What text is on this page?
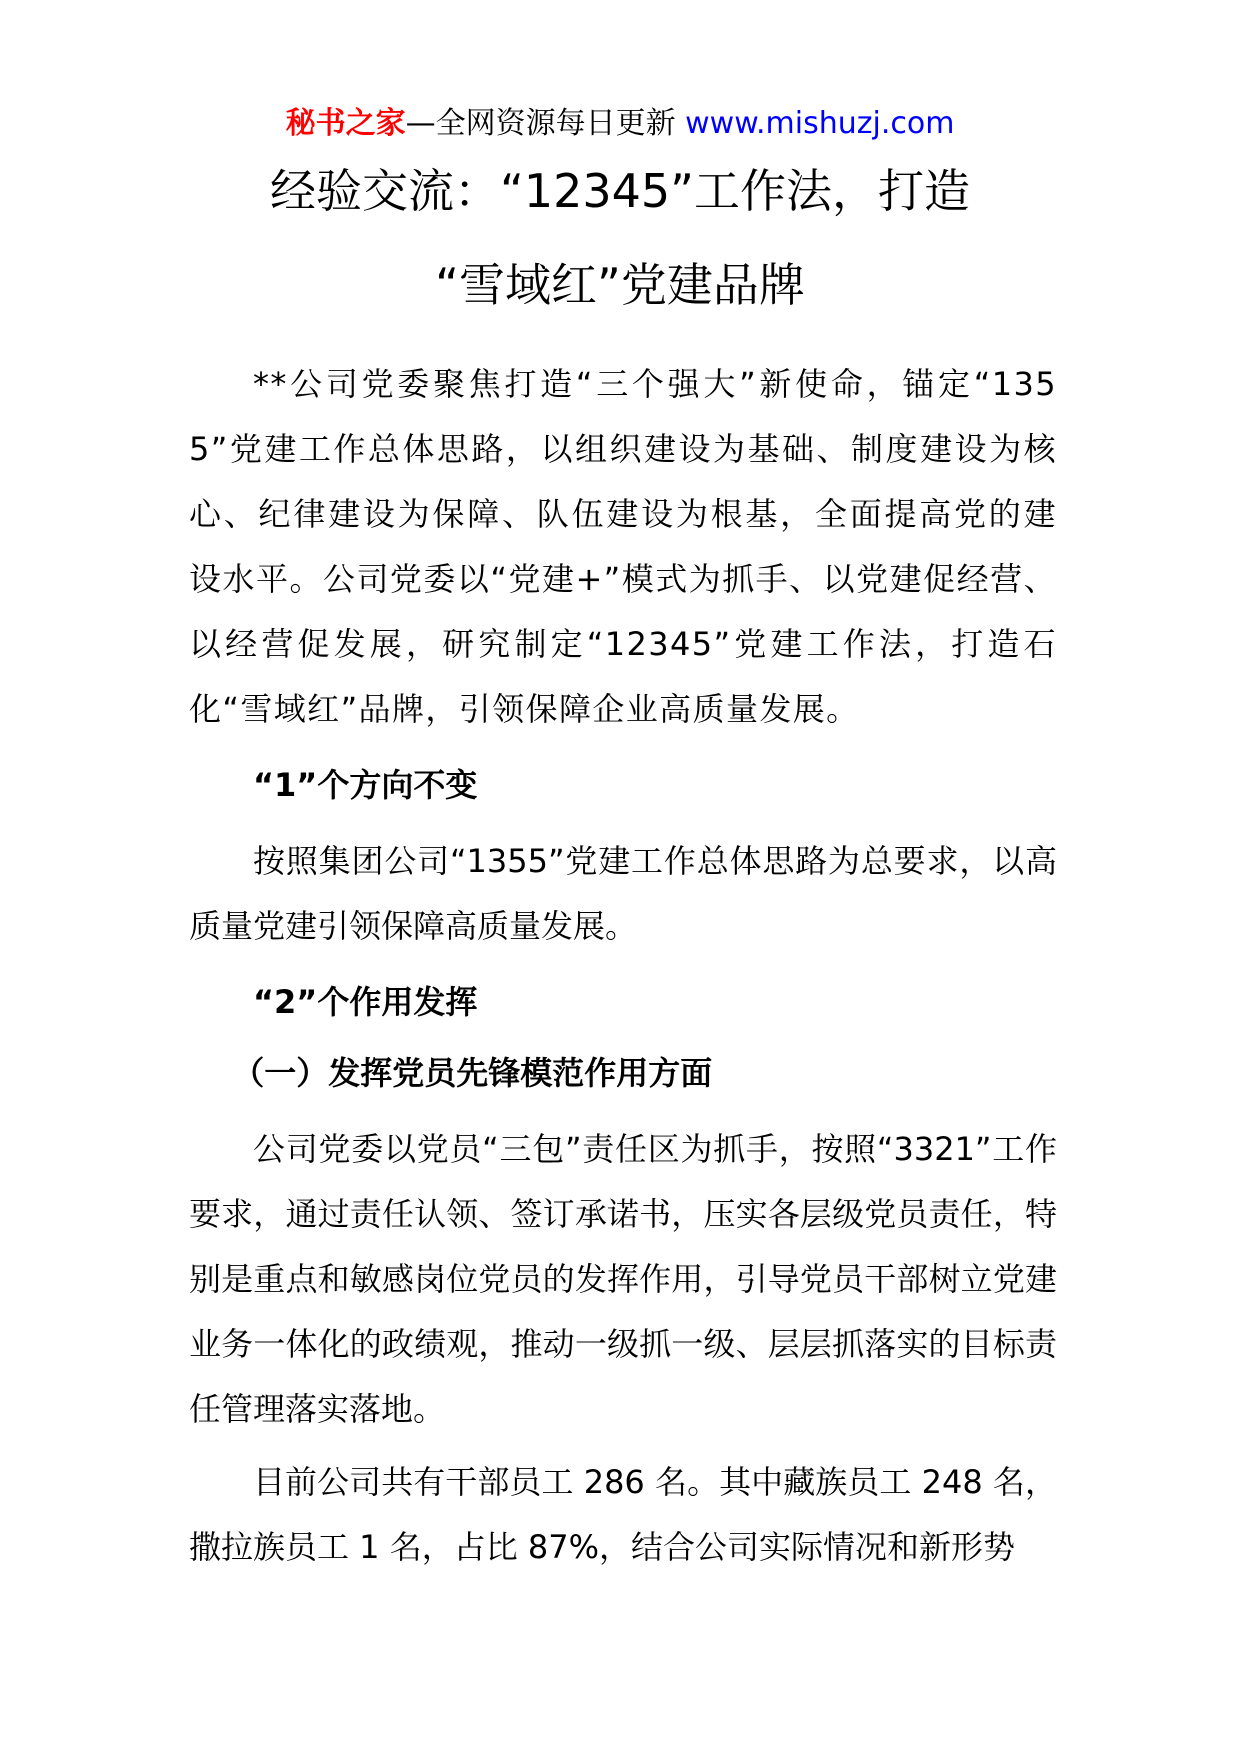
秘书之家—全网资源每日更新 www.mishuzj.com
经验交流：“12345”工作法，打造
“雪域红”党建品牌

**公司党委聚焦打造“三个强大”新使命，锚定“1355”党建工作总体思路，以组织建设为基础、制度建设为核心、纪律建设为保障、队伍建设为根基，全面提高党的建设水平。公司党委以“党建+”模式为抓手、以党建促经营、以经营促发展，研究制定“12345”党建工作法，打造石化“雪域红”品牌，引领保障企业高质量发展。

“1”个方向不变

按照集团公司“1355”党建工作总体思路为总要求，以高质量党建引领保障高质量发展。

“2”个作用发挥

（一）发挥党员先锋模范作用方面

公司党委以党员“三包”责任区为抓手，按照“3321”工作要求，通过责任认领、签订承诺书，压实各层级党员责任，特别是重点和敏感岗位党员的发挥作用，引导党员干部树立党建业务一体化的政绩观，推动一级抓一级、层层抓落实的目标责任管理落实落地。

目前公司共有干部员工 286 名。其中藏族员工 248 名，撒拉族员工 1 名，占比 87%，结合公司实际情况和新形势
